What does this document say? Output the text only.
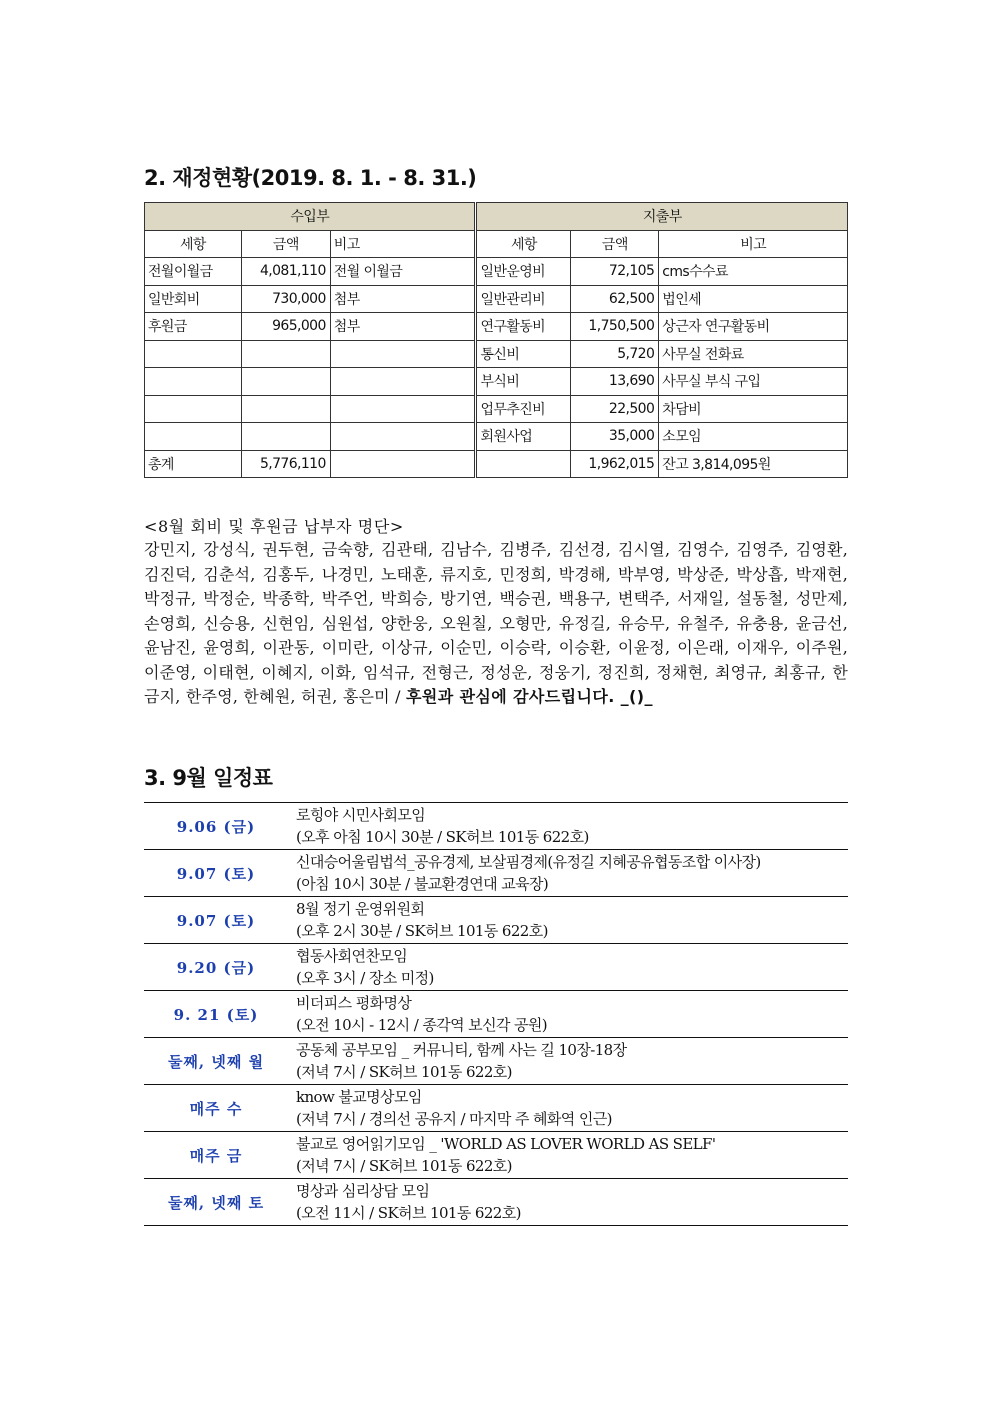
2. 재정현황(2019. 8. 1. - 8. 31.)
수입부			지출부		
세항	금액	비고	세항	금액	비고
전월이월금	4,081,110	전월 이월금	일반운영비	72,105	cms수수료
일반회비	730,000	첨부	일반관리비	62,500	법인세
후원금	965,000	첨부	연구활동비	1,750,500	상근자 연구활동비
			통신비	5,720	사무실 전화료
			부식비	13,690	사무실 부식 구입
			업무추진비	22,500	차담비
			회원사업	35,000	소모임
총계	5,776,110			1,962,015	잔고 3,814,095원
<8월 회비 및 후원금 납부자 명단>
강민지, 강성식, 권두현, 금숙향, 김관태, 김남수, 김병주, 김선경, 김시열, 김영수, 김영주, 김영환, 김진덕, 김춘석, 김홍두, 나경민, 노태훈, 류지호, 민정희, 박경해, 박부영, 박상준, 박상흡, 박재현, 박정규, 박정순, 박종학, 박주언, 박희승, 방기연, 백승권, 백용구, 변택주, 서재일, 설동철, 성만제, 손영희, 신승용, 신현임, 심원섭, 양한웅, 오원칠, 오형만, 유정길, 유승무, 유철주, 유충용, 윤금선, 윤남진, 윤영희, 이관동, 이미란, 이상규, 이순민, 이승락, 이승환, 이윤정, 이은래, 이재우, 이주원, 이준영, 이태현, 이혜지, 이화, 임석규, 전형근, 정성운, 정웅기, 정진희, 정채현, 최영규, 최홍규, 한금지, 한주영, 한혜원, 허권, 홍은미 / 후원과 관심에 감사드립니다. _()_
3. 9월 일정표
9.06 (금)
로힝야 시민사회모임
(오후 아침 10시 30분 / SK허브 101동 622호)
9.07 (토)
신대승어울림법석_공유경제, 보살핌경제(유정길 지혜공유협동조합 이사장)
(아침 10시 30분 / 불교환경연대 교육장)
9.07 (토)
8월 정기 운영위원회
(오후 2시 30분 / SK허브 101동 622호)
9.20 (금)
협동사회연찬모임
(오후 3시 / 장소 미정)
9. 21 (토)
비더피스 평화명상
(오전 10시 - 12시 / 종각역 보신각 공원)
둘째, 넷째 월
공동체 공부모임 _ 커뮤니티, 함께 사는 길 10장-18장
(저녁 7시 / SK허브 101동 622호)
매주 수
know 불교명상모임
(저녁 7시 / 경의선 공유지 / 마지막 주 혜화역 인근)
매주 금
불교로 영어읽기모임 _ 'WORLD AS LOVER WORLD AS SELF'
(저녁 7시 / SK허브 101동 622호)
둘째, 넷째 토
명상과 심리상담 모임
(오전 11시 / SK허브 101동 622호)
